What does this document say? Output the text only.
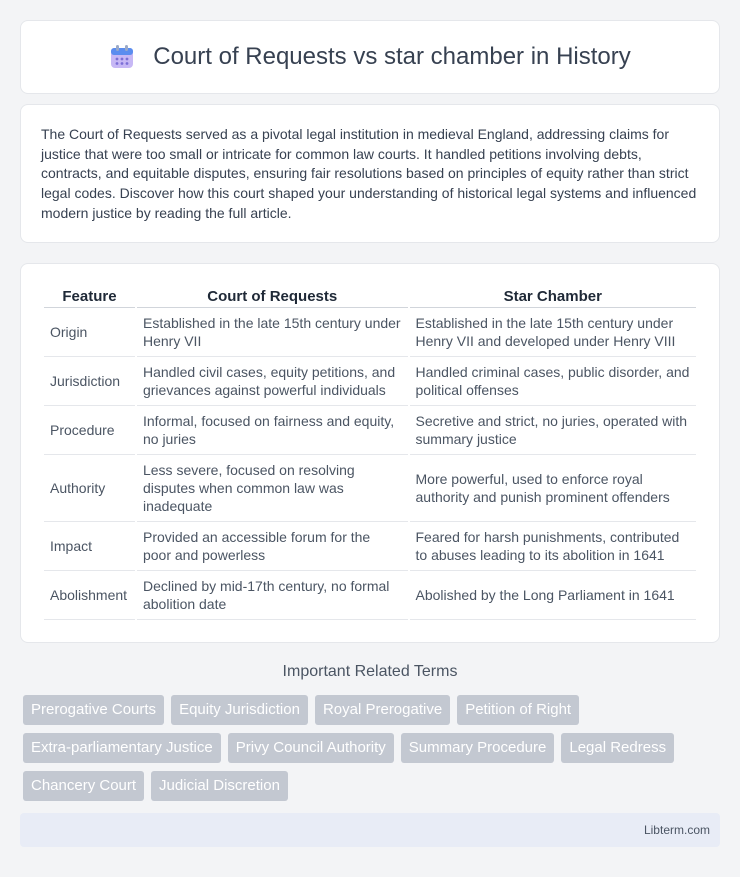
Court of Requests vs star chamber in History

The Court of Requests served as a pivotal legal institution in medieval England, addressing claims for justice that were too small or intricate for common law courts. It handled petitions involving debts, contracts, and equitable disputes, ensuring fair resolutions based on principles of equity rather than strict legal codes. Discover how this court shaped your understanding of historical legal systems and influenced modern justice by reading the full article.

Feature	Court of Requests	Star Chamber
Origin	Established in the late 15th century under Henry VII	Established in the late 15th century under Henry VII and developed under Henry VIII
Jurisdiction	Handled civil cases, equity petitions, and grievances against powerful individuals	Handled criminal cases, public disorder, and political offenses
Procedure	Informal, focused on fairness and equity, no juries	Secretive and strict, no juries, operated with summary justice
Authority	Less severe, focused on resolving disputes when common law was inadequate	More powerful, used to enforce royal authority and punish prominent offenders
Impact	Provided an accessible forum for the poor and powerless	Feared for harsh punishments, contributed to abuses leading to its abolition in 1641
Abolishment	Declined by mid-17th century, no formal abolition date	Abolished by the Long Parliament in 1641
Important Related Terms
Prerogative Courts	Equity Jurisdiction	Royal Prerogative	Petition of Right
Extra-parliamentary Justice	Privy Council Authority	Summary Procedure	Legal Redress
Chancery Court	Judicial Discretion
Libterm.com
